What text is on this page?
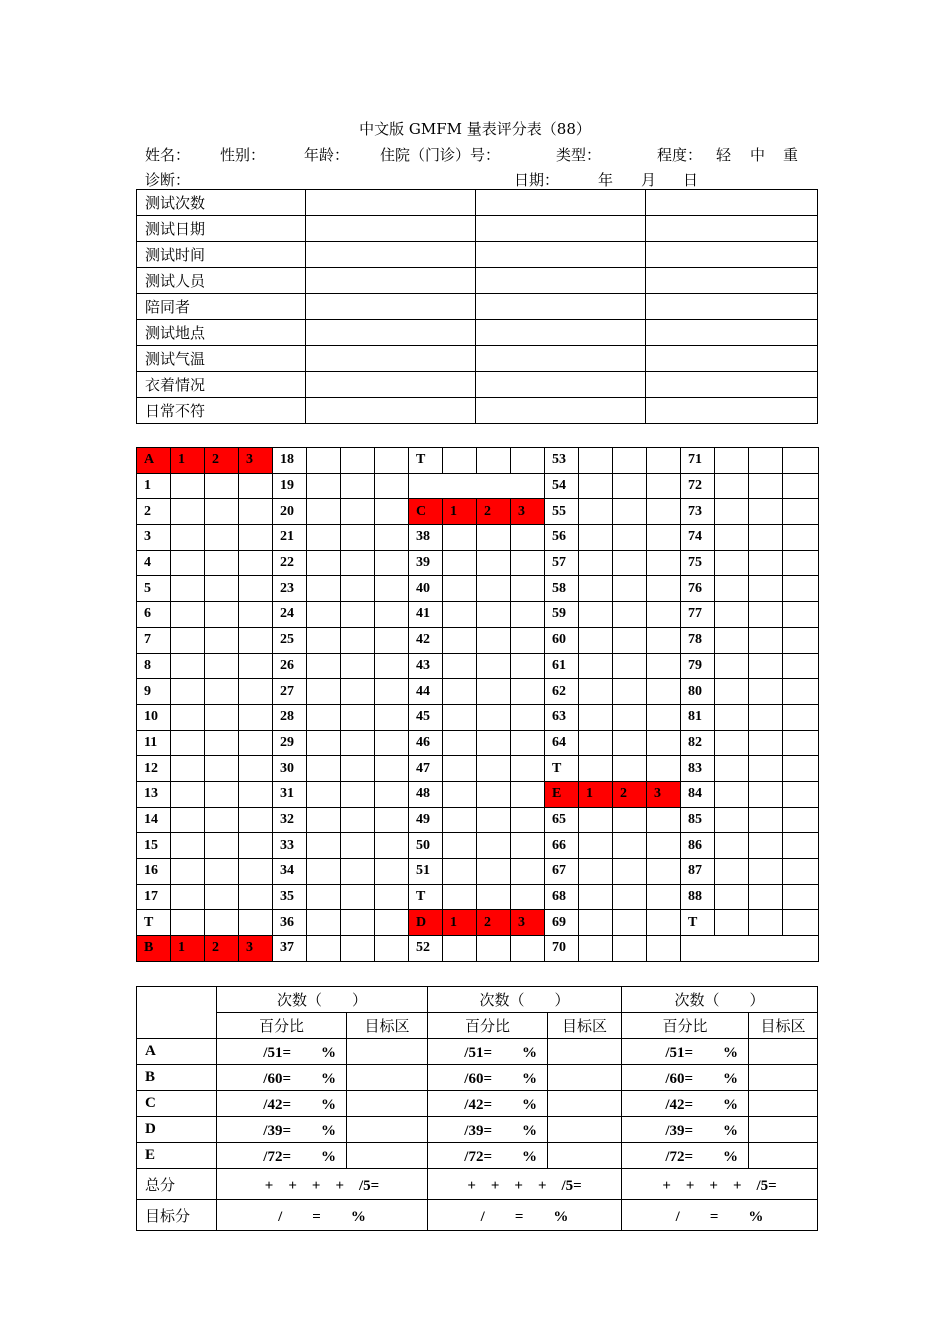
中文版 GMFM 量表评分表（88）
姓名： 性别：	年龄： 住院（门诊）号：	类型：	程度： 轻 中 重
诊断：	日期：	年 月 日
测试次数			
测试日期			
测试时间			
测试人员			
陪同者			
测试地点			
测试气温			
衣着情况			
日常不符			
A	1	2	3	18				T				53				71			
1				19								54				72			
2				20				C	1	2	3	55				73			
3				21				38				56				74			
4				22				39				57				75			
5				23				40				58				76			
6				24				41				59				77			
7				25				42				60				78			
8				26				43				61				79			
9				27				44				62				80			
10				28				45				63				81			
11				29				46				64				82			
12				30				47				T				83			
13				31				48				E	1	2	3	84			
14				32				49				65				85			
15				33				50				66				86			
16				34				51				67				87			
17				35				T				68				88			
T				36				D	1	2	3	69				T			
B	1	2	3	37				52				70							
	次数（　　）		次数（　　）		次数（　　）	
	百分比	目标区	百分比	目标区	百分比	目标区
A	/51=　　%		/51=　　%		/51=　　%	
B	/60=　　%		/60=　　%		/60=　　%	
C	/42=　　%		/42=　　%		/42=　　%	
D	/39=　　%		/39=　　%		/39=　　%	
E	/72=　　%		/72=　　%		/72=　　%	
总分	+　+　+　+　/5=		+　+　+　+　/5=		+　+　+　+　/5=	
目标分	/　　=　　%		/　　=　　%		/　　=　　%	
